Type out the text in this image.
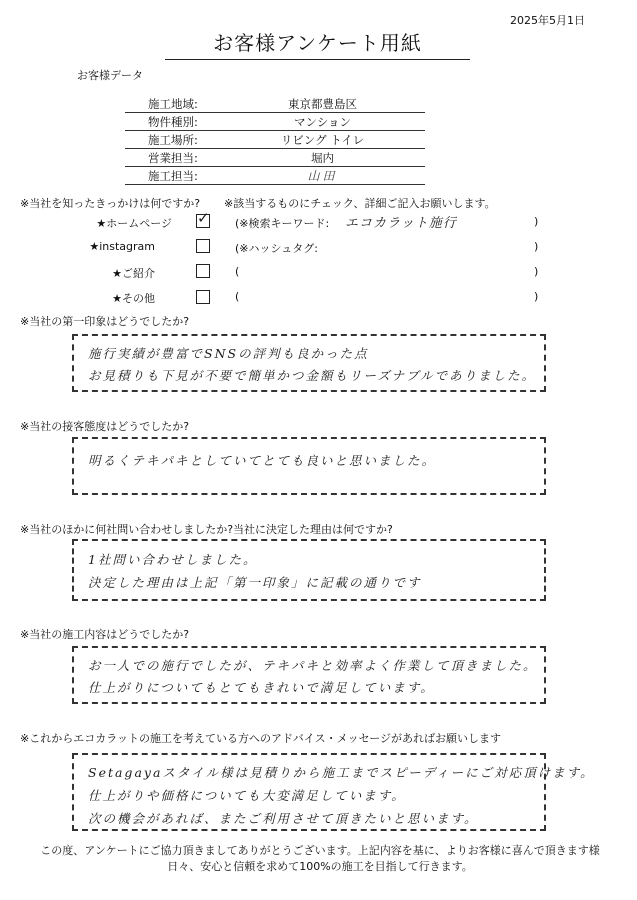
2025年5月1日
お客様アンケート用紙
お客様データ
施工地域:	東京都豊島区
物件種別:	マンション
施工場所:	リビング トイレ
営業担当:	堀内
施工担当:	山田
※当社を知ったきっかけは何ですか? ※該当するものにチェック、詳細ご記入お願いします。
★ホームページ ✓ (※検索キーワード: エコカラット施行	)
★instagram	(※ハッシュタグ:	)
★ご紹介	(	)
★その他	(	)
※当社の第一印象はどうでしたか?
施行実績が豊富でSNSの評判も良かった点
お見積りも下見が不要で簡単かつ金額もリーズナブルでありました。
※当社の接客態度はどうでしたか?
明るくテキパキとしていてとても良いと思いました。
※当社のほかに何社問い合わせしましたか?当社に決定した理由は何ですか?
1社問い合わせしました。
決定した理由は上記「第一印象」に記載の通りです
※当社の施工内容はどうでしたか?
お一人での施行でしたが、テキパキと効率よく作業して頂きました。
仕上がりについてもとてもきれいで満足しています。
※これからエコカラットの施工を考えている方へのアドバイス・メッセージがあればお願いします
Setagayaスタイル様は見積りから施工までスピーディーにご対応頂けます。
仕上がりや価格についても大変満足しています。
次の機会があれば、またご利用させて頂きたいと思います。
この度、アンケートにご協力頂きましてありがとうございます。上記内容を基に、よりお客様に喜んで頂きます様
日々、安心と信頼を求めて100%の施工を目指して行きます。
